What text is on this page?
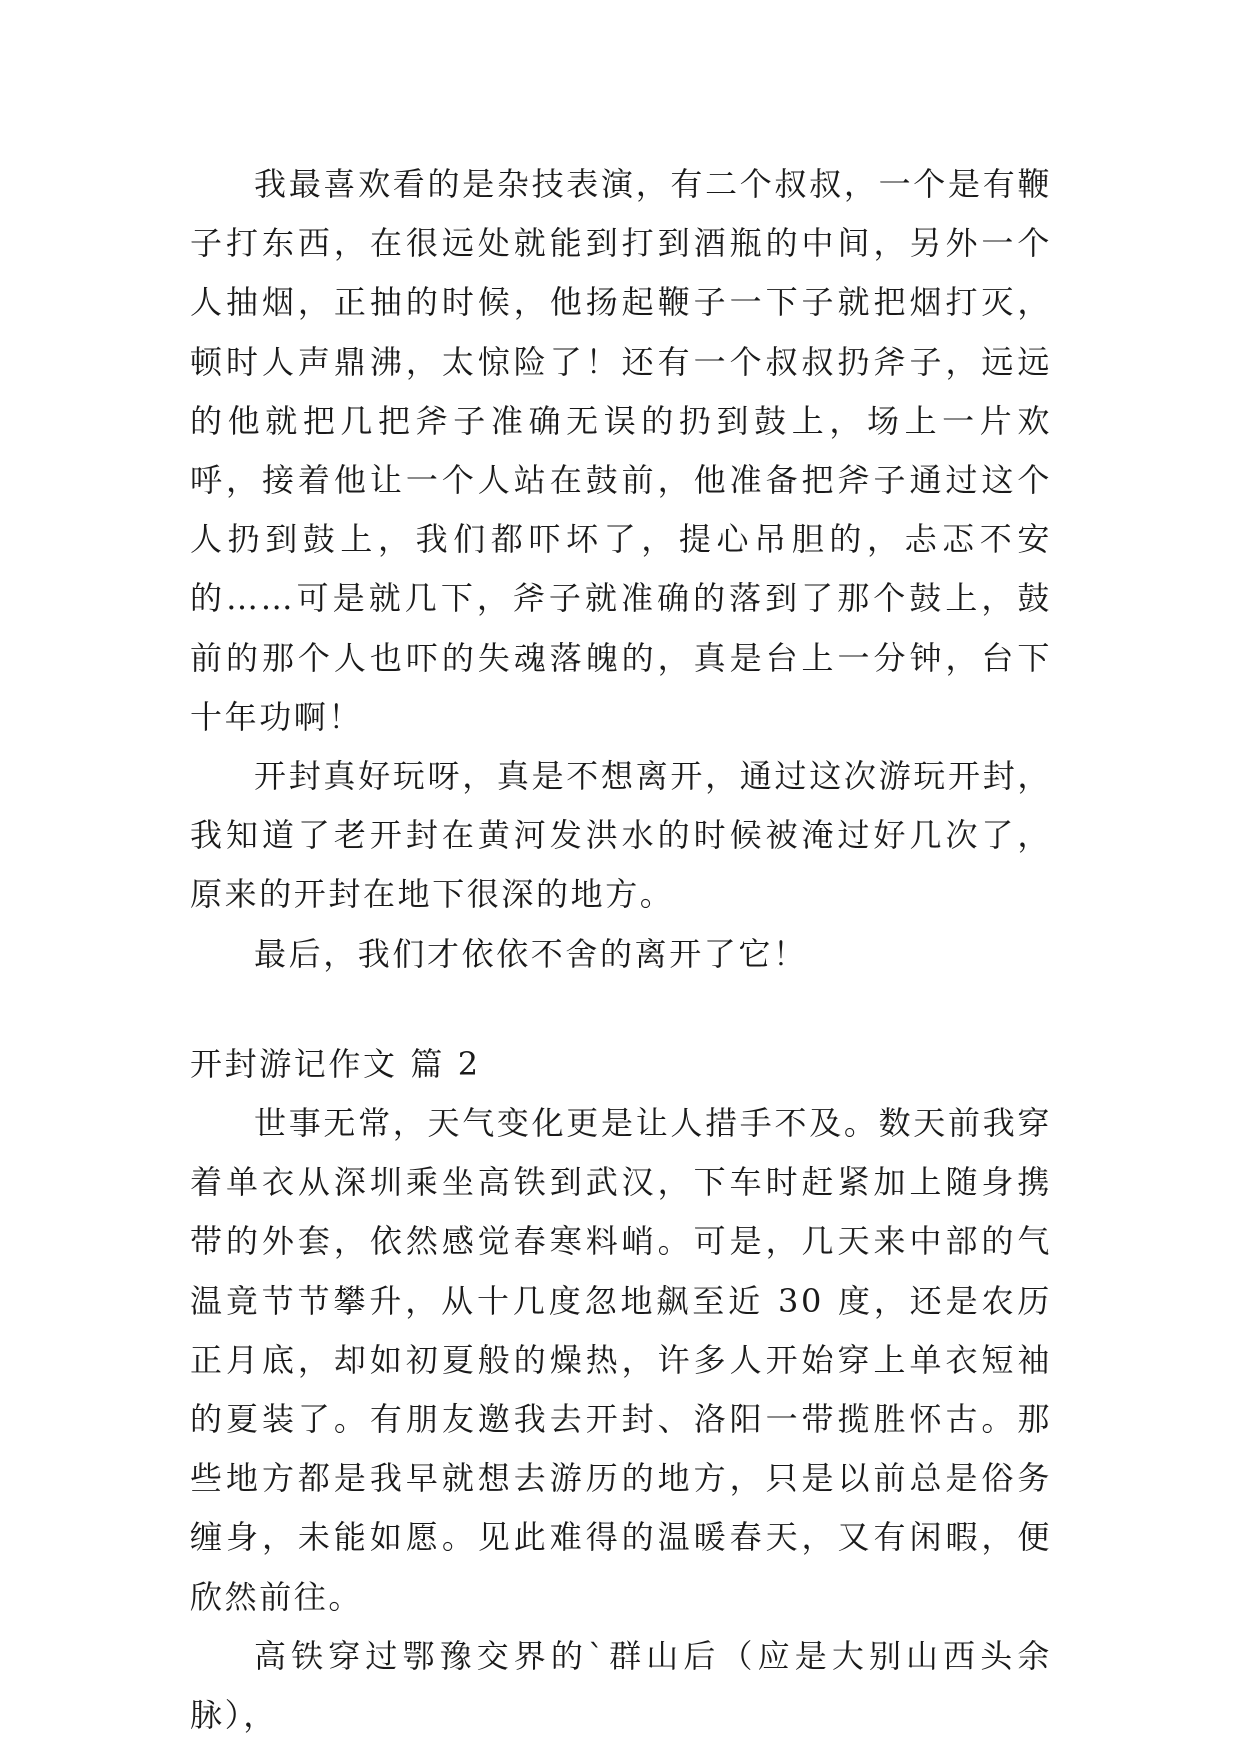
我最喜欢看的是杂技表演，有二个叔叔，一个是有鞭子打东西，在很远处就能到打到酒瓶的中间，另外一个人抽烟，正抽的时候，他扬起鞭子一下子就把烟打灭，顿时人声鼎沸，太惊险了！还有一个叔叔扔斧子，远远的他就把几把斧子准确无误的扔到鼓上，场上一片欢呼，接着他让一个人站在鼓前，他准备把斧子通过这个人扔到鼓上，我们都吓坏了，提心吊胆的，忐忑不安的……可是就几下，斧子就准确的落到了那个鼓上，鼓前的那个人也吓的失魂落魄的，真是台上一分钟，台下十年功啊！

开封真好玩呀，真是不想离开，通过这次游玩开封，我知道了老开封在黄河发洪水的时候被淹过好几次了，原来的开封在地下很深的地方。

最后，我们才依依不舍的离开了它！

开封游记作文 篇 2

世事无常，天气变化更是让人措手不及。数天前我穿着单衣从深圳乘坐高铁到武汉，下车时赶紧加上随身携带的外套，依然感觉春寒料峭。可是，几天来中部的气温竟节节攀升，从十几度忽地飙至近 30 度，还是农历正月底，却如初夏般的燥热，许多人开始穿上单衣短袖的夏装了。有朋友邀我去开封、洛阳一带揽胜怀古。那些地方都是我早就想去游历的地方，只是以前总是俗务缠身，未能如愿。见此难得的温暖春天，又有闲暇，便欣然前往。

高铁穿过鄂豫交界的`群山后（应是大别山西头余脉），
